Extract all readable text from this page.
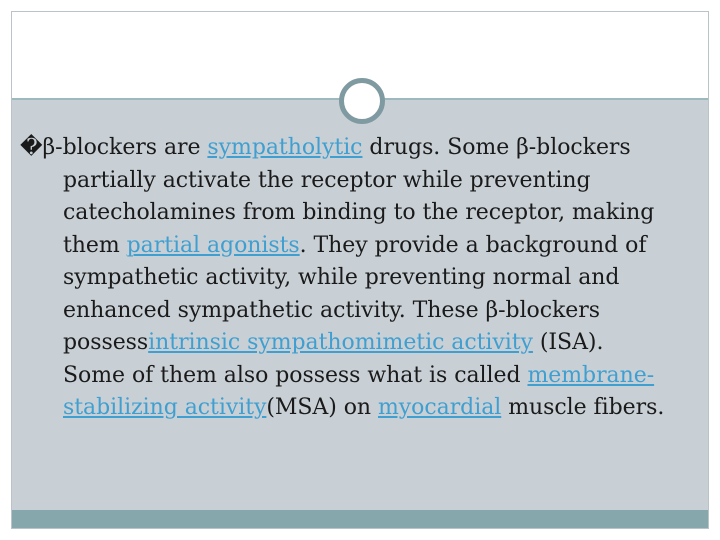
�β-blockers are sympatholytic drugs. Some β-blockers
partially activate the receptor while preventing
catecholamines from binding to the receptor, making
them partial agonists. They provide a background of
sympathetic activity, while preventing normal and
enhanced sympathetic activity. These β-blockers
possessintrinsic sympathomimetic activity (ISA).
Some of them also possess what is called membrane-
stabilizing activity(MSA) on myocardial muscle fibers.
